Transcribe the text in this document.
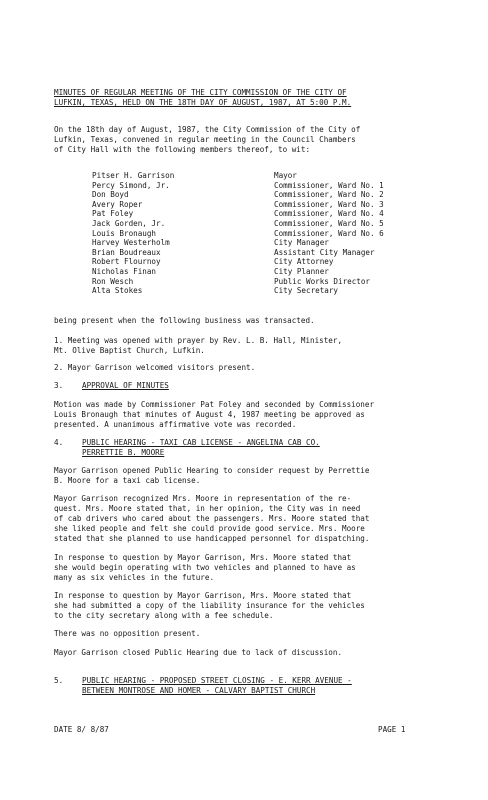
MINUTES OF REGULAR MEETING OF THE CITY COMMISSION OF THE CITY OF
LUFKIN, TEXAS, HELD ON THE 18TH DAY OF AUGUST, 1987, AT 5:00 P.M.
On the 18th day of August, 1987, the City Commission of the City of
Lufkin, Texas, convened in regular meeting in the Council Chambers
of City Hall with the following members thereof, to wit:
Pitser H. Garrison	Mayor
Percy Simond, Jr.	Commissioner, Ward No. 1
Don Boyd	Commissioner, Ward No. 2
Avery Roper	Commissioner, Ward No. 3
Pat Foley	Commissioner, Ward No. 4
Jack Gorden, Jr.	Commissioner, Ward No. 5
Louis Bronaugh	Commissioner, Ward No. 6
Harvey Westerholm	City Manager
Brian Boudreaux	Assistant City Manager
Robert Flournoy	City Attorney
Nicholas Finan	City Planner
Ron Wesch	Public Works Director
Alta Stokes	City Secretary
being present when the following business was transacted.
1. Meeting was opened with prayer by Rev. L. B. Hall, Minister,
Mt. Olive Baptist Church, Lufkin.
2. Mayor Garrison welcomed visitors present.
3. APPROVAL OF MINUTES
Motion was made by Commissioner Pat Foley and seconded by Commissioner
Louis Bronaugh that minutes of August 4, 1987 meeting be approved as
presented. A unanimous affirmative vote was recorded.
4. PUBLIC HEARING - TAXI CAB LICENSE - ANGELINA CAB CO.
PERRETTIE B. MOORE
Mayor Garrison opened Public Hearing to consider request by Perrettie
B. Moore for a taxi cab license.
Mayor Garrison recognized Mrs. Moore in representation of the re-
quest. Mrs. Moore stated that, in her opinion, the City was in need
of cab drivers who cared about the passengers. Mrs. Moore stated that
she liked people and felt she could provide good service. Mrs. Moore
stated that she planned to use handicapped personnel for dispatching.
In response to question by Mayor Garrison, Mrs. Moore stated that
she would begin operating with two vehicles and planned to have as
many as six vehicles in the future.
In response to question by Mayor Garrison, Mrs. Moore stated that
she had submitted a copy of the liability insurance for the vehicles
to the city secretary along with a fee schedule.
There was no opposition present.
Mayor Garrison closed Public Hearing due to lack of discussion.
5. PUBLIC HEARING - PROPOSED STREET CLOSING - E. KERR AVENUE -
BETWEEN MONTROSE AND HOMER - CALVARY BAPTIST CHURCH
DATE 8/ 8/87	PAGE 1
